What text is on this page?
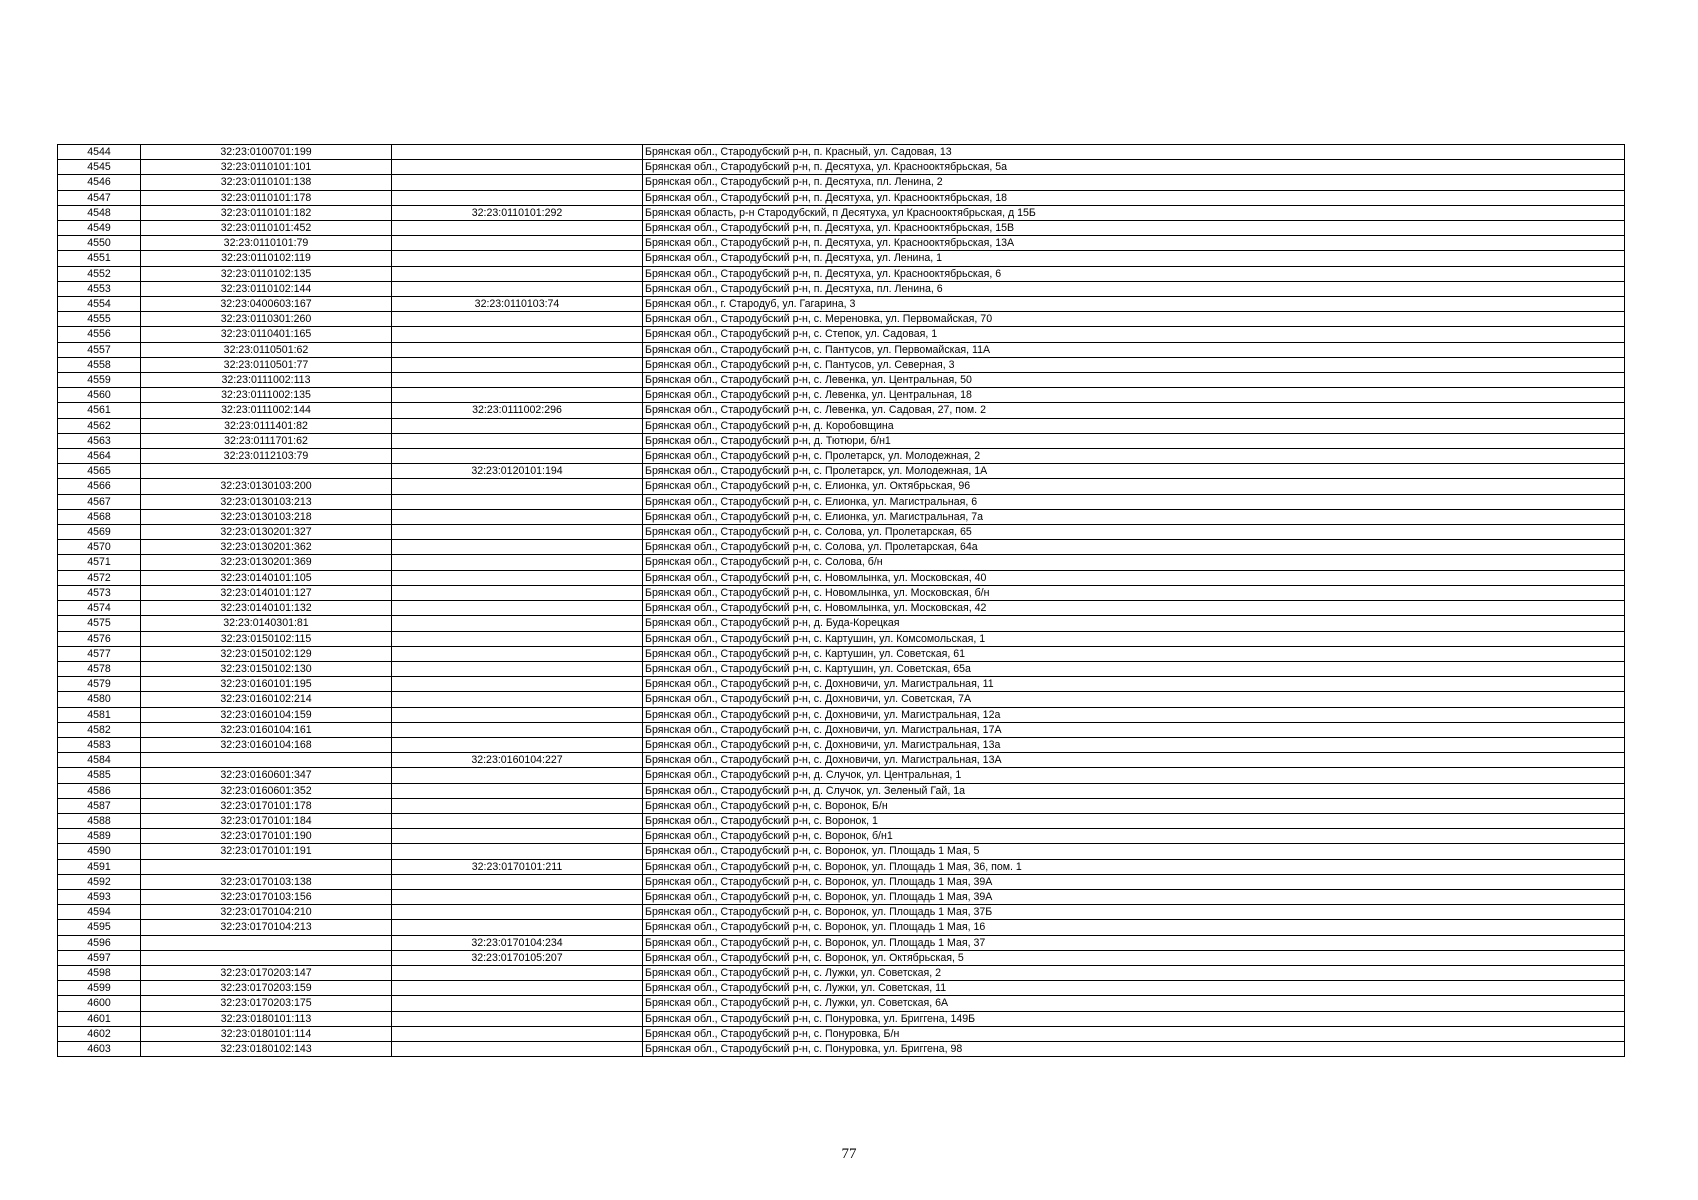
4544	32:23:0100701:199		Брянская обл., Стародубский р-н, п. Красный, ул. Садовая, 13
4545	32:23:0110101:101		Брянская обл., Стародубский р-н, п. Десятуха, ул. Краснооктябрьская, 5а
4546	32:23:0110101:138		Брянская обл., Стародубский р-н, п. Десятуха, пл. Ленина, 2
4547	32:23:0110101:178		Брянская обл., Стародубский р-н, п. Десятуха, ул. Краснооктябрьская, 18
4548	32:23:0110101:182	32:23:0110101:292	Брянская область, р-н Стародубский, п Десятуха, ул Краснооктябрьская, д 15Б
4549	32:23:0110101:452		Брянская обл., Стародубский р-н, п. Десятуха, ул. Краснооктябрьская, 15В
4550	32:23:0110101:79		Брянская обл., Стародубский р-н, п. Десятуха, ул. Краснооктябрьская, 13А
4551	32:23:0110102:119		Брянская обл., Стародубский р-н, п. Десятуха, ул. Ленина, 1
4552	32:23:0110102:135		Брянская обл., Стародубский р-н, п. Десятуха, ул. Краснооктябрьская, 6
4553	32:23:0110102:144		Брянская обл., Стародубский р-н, п. Десятуха, пл. Ленина, 6
4554	32:23:0400603:167	32:23:0110103:74	Брянская обл., г. Стародуб, ул. Гагарина, 3
4555	32:23:0110301:260		Брянская обл., Стародубский р-н, с. Мереновка, ул. Первомайская, 70
4556	32:23:0110401:165		Брянская обл., Стародубский р-н, с. Степок, ул. Садовая, 1
4557	32:23:0110501:62		Брянская обл., Стародубский р-н, с. Пантусов, ул. Первомайская, 11А
4558	32:23:0110501:77		Брянская обл., Стародубский р-н, с. Пантусов, ул. Северная, 3
4559	32:23:0111002:113		Брянская обл., Стародубский р-н, с. Левенка, ул. Центральная, 50
4560	32:23:0111002:135		Брянская обл., Стародубский р-н, с. Левенка, ул. Центральная, 18
4561	32:23:0111002:144	32:23:0111002:296	Брянская обл., Стародубский р-н, с. Левенка, ул. Садовая, 27, пом. 2
4562	32:23:0111401:82		Брянская обл., Стародубский р-н, д. Коробовщина
4563	32:23:0111701:62		Брянская обл., Стародубский р-н, д. Тютюри, б/н1
4564	32:23:0112103:79		Брянская обл., Стародубский р-н, с. Пролетарск, ул. Молодежная, 2
4565		32:23:0120101:194	Брянская обл., Стародубский р-н, с. Пролетарск, ул. Молодежная, 1А
4566	32:23:0130103:200		Брянская обл., Стародубский р-н, с. Елионка, ул. Октябрьская, 96
4567	32:23:0130103:213		Брянская обл., Стародубский р-н, с. Елионка, ул. Магистральная, 6
4568	32:23:0130103:218		Брянская обл., Стародубский р-н, с. Елионка, ул. Магистральная, 7а
4569	32:23:0130201:327		Брянская обл., Стародубский р-н, с. Солова, ул. Пролетарская, 65
4570	32:23:0130201:362		Брянская обл., Стародубский р-н, с. Солова, ул. Пролетарская, 64а
4571	32:23:0130201:369		Брянская обл., Стародубский р-н, с. Солова, б/н
4572	32:23:0140101:105		Брянская обл., Стародубский р-н, с. Новомлынка, ул. Московская, 40
4573	32:23:0140101:127		Брянская обл., Стародубский р-н, с. Новомлынка, ул. Московская, б/н
4574	32:23:0140101:132		Брянская обл., Стародубский р-н, с. Новомлынка, ул. Московская, 42
4575	32:23:0140301:81		Брянская обл., Стародубский р-н, д. Буда-Корецкая
4576	32:23:0150102:115		Брянская обл., Стародубский р-н, с. Картушин, ул. Комсомольская, 1
4577	32:23:0150102:129		Брянская обл., Стародубский р-н, с. Картушин, ул. Советская, 61
4578	32:23:0150102:130		Брянская обл., Стародубский р-н, с. Картушин, ул. Советская, 65а
4579	32:23:0160101:195		Брянская обл., Стародубский р-н, с. Дохновичи, ул. Магистральная, 11
4580	32:23:0160102:214		Брянская обл., Стародубский р-н, с. Дохновичи, ул. Советская, 7А
4581	32:23:0160104:159		Брянская обл., Стародубский р-н, с. Дохновичи, ул. Магистральная, 12а
4582	32:23:0160104:161		Брянская обл., Стародубский р-н, с. Дохновичи, ул. Магистральная, 17А
4583	32:23:0160104:168		Брянская обл., Стародубский р-н, с. Дохновичи, ул. Магистральная, 13а
4584		32:23:0160104:227	Брянская обл., Стародубский р-н, с. Дохновичи, ул. Магистральная, 13А
4585	32:23:0160601:347		Брянская обл., Стародубский р-н, д. Случок, ул. Центральная, 1
4586	32:23:0160601:352		Брянская обл., Стародубский р-н, д. Случок, ул. Зеленый Гай, 1а
4587	32:23:0170101:178		Брянская обл., Стародубский р-н, с. Воронок, Б/н
4588	32:23:0170101:184		Брянская обл., Стародубский р-н, с. Воронок, 1
4589	32:23:0170101:190		Брянская обл., Стародубский р-н, с. Воронок, б/н1
4590	32:23:0170101:191		Брянская обл., Стародубский р-н, с. Воронок, ул. Площадь 1 Мая, 5
4591		32:23:0170101:211	Брянская обл., Стародубский р-н, с. Воронок, ул. Площадь 1 Мая, 36, пом. 1
4592	32:23:0170103:138		Брянская обл., Стародубский р-н, с. Воронок, ул. Площадь 1 Мая, 39А
4593	32:23:0170103:156		Брянская обл., Стародубский р-н, с. Воронок, ул. Площадь 1 Мая, 39А
4594	32:23:0170104:210		Брянская обл., Стародубский р-н, с. Воронок, ул. Площадь 1 Мая, 37Б
4595	32:23:0170104:213		Брянская обл., Стародубский р-н, с. Воронок, ул. Площадь 1 Мая, 16
4596		32:23:0170104:234	Брянская обл., Стародубский р-н, с. Воронок, ул. Площадь 1 Мая, 37
4597		32:23:0170105:207	Брянская обл., Стародубский р-н, с. Воронок, ул. Октябрьская, 5
4598	32:23:0170203:147		Брянская обл., Стародубский р-н, с. Лужки, ул. Советская, 2
4599	32:23:0170203:159		Брянская обл., Стародубский р-н, с. Лужки, ул. Советская, 11
4600	32:23:0170203:175		Брянская обл., Стародубский р-н, с. Лужки, ул. Советская, 6А
4601	32:23:0180101:113		Брянская обл., Стародубский р-н, с. Понуровка, ул. Бриггена, 149Б
4602	32:23:0180101:114		Брянская обл., Стародубский р-н, с. Понуровка, Б/н
4603	32:23:0180102:143		Брянская обл., Стародубский р-н, с. Понуровка, ул. Бриггена, 98
77
